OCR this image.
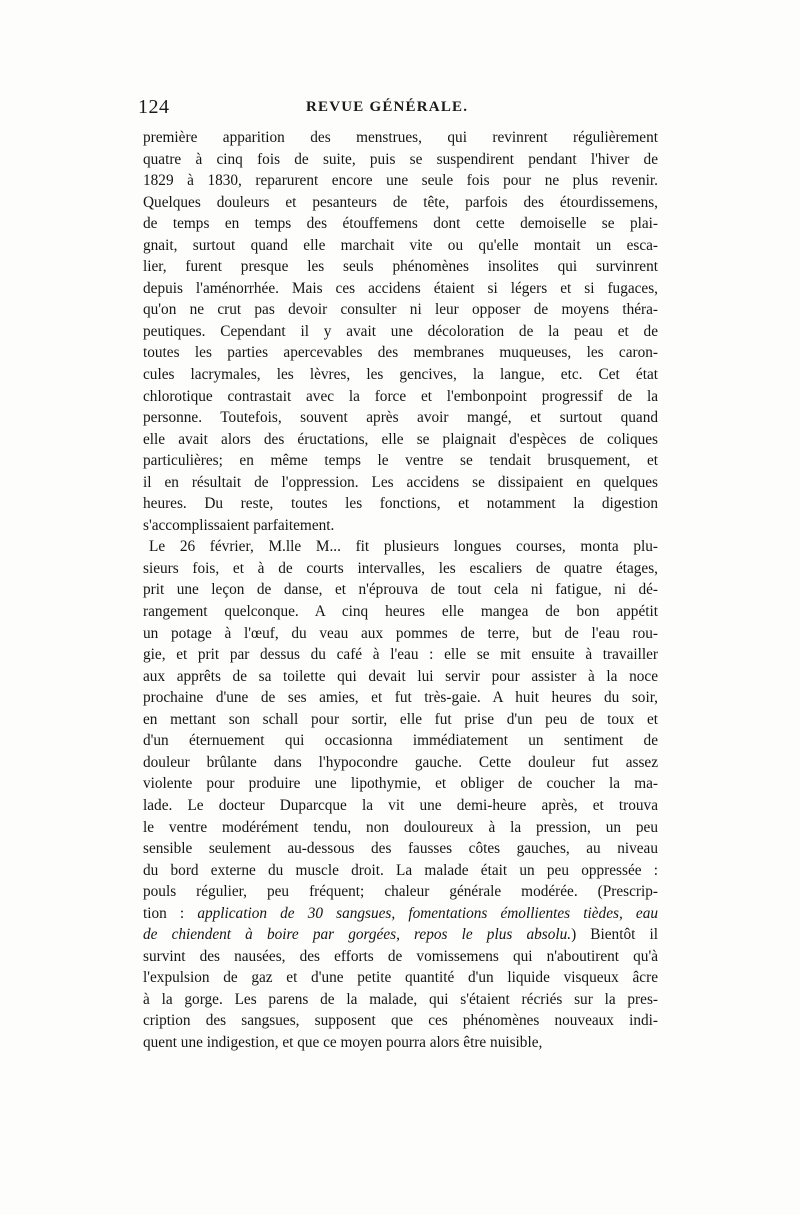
124	REVUE GÉNÉRALE.
première apparition des menstrues, qui revinrent régulièrement
quatre à cinq fois de suite, puis se suspendirent pendant l'hiver de
1829 à 1830, reparurent encore une seule fois pour ne plus revenir.
Quelques douleurs et pesanteurs de tête, parfois des étourdissemens,
de temps en temps des étouffemens dont cette demoiselle se plai-
gnait, surtout quand elle marchait vite ou qu'elle montait un esca-
lier, furent presque les seuls phénomènes insolites qui survinrent
depuis l'aménorrhée. Mais ces accidens étaient si légers et si fugaces,
qu'on ne crut pas devoir consulter ni leur opposer de moyens théra-
peutiques. Cependant il y avait une décoloration de la peau et de
toutes les parties apercevables des membranes muqueuses, les caron-
cules lacrymales, les lèvres, les gencives, la langue, etc. Cet état
chlorotique contrastait avec la force et l'embonpoint progressif de la
personne. Toutefois, souvent après avoir mangé, et surtout quand
elle avait alors des éructations, elle se plaignait d'espèces de coliques
particulières; en même temps le ventre se tendait brusquement, et
il en résultait de l'oppression. Les accidens se dissipaient en quelques
heures. Du reste, toutes les fonctions, et notamment la digestion
s'accomplissaient parfaitement.
Le 26 février, M.lle M... fit plusieurs longues courses, monta plu-
sieurs fois, et à de courts intervalles, les escaliers de quatre étages,
prit une leçon de danse, et n'éprouva de tout cela ni fatigue, ni dé-
rangement quelconque. A cinq heures elle mangea de bon appétit
un potage à l'œuf, du veau aux pommes de terre, but de l'eau rou-
gie, et prit par dessus du café à l'eau : elle se mit ensuite à travailler
aux apprêts de sa toilette qui devait lui servir pour assister à la noce
prochaine d'une de ses amies, et fut très-gaie. A huit heures du soir,
en mettant son schall pour sortir, elle fut prise d'un peu de toux et
d'un éternuement qui occasionna immédiatement un sentiment de
douleur brûlante dans l'hypocondre gauche. Cette douleur fut assez
violente pour produire une lipothymie, et obliger de coucher la ma-
lade. Le docteur Duparcque la vit une demi-heure après, et trouva
le ventre modérément tendu, non douloureux à la pression, un peu
sensible seulement au-dessous des fausses côtes gauches, au niveau
du bord externe du muscle droit. La malade était un peu oppressée :
pouls régulier, peu fréquent; chaleur générale modérée. (Prescrip-
tion : application de 30 sangsues, fomentations émollientes tièdes, eau
de chiendent à boire par gorgées, repos le plus absolu.) Bientôt il
survint des nausées, des efforts de vomissemens qui n'aboutirent qu'à
l'expulsion de gaz et d'une petite quantité d'un liquide visqueux âcre
à la gorge. Les parens de la malade, qui s'étaient récriés sur la pres-
cription des sangsues, supposent que ces phénomènes nouveaux indi-
quent une indigestion, et que ce moyen pourra alors être nuisible,
